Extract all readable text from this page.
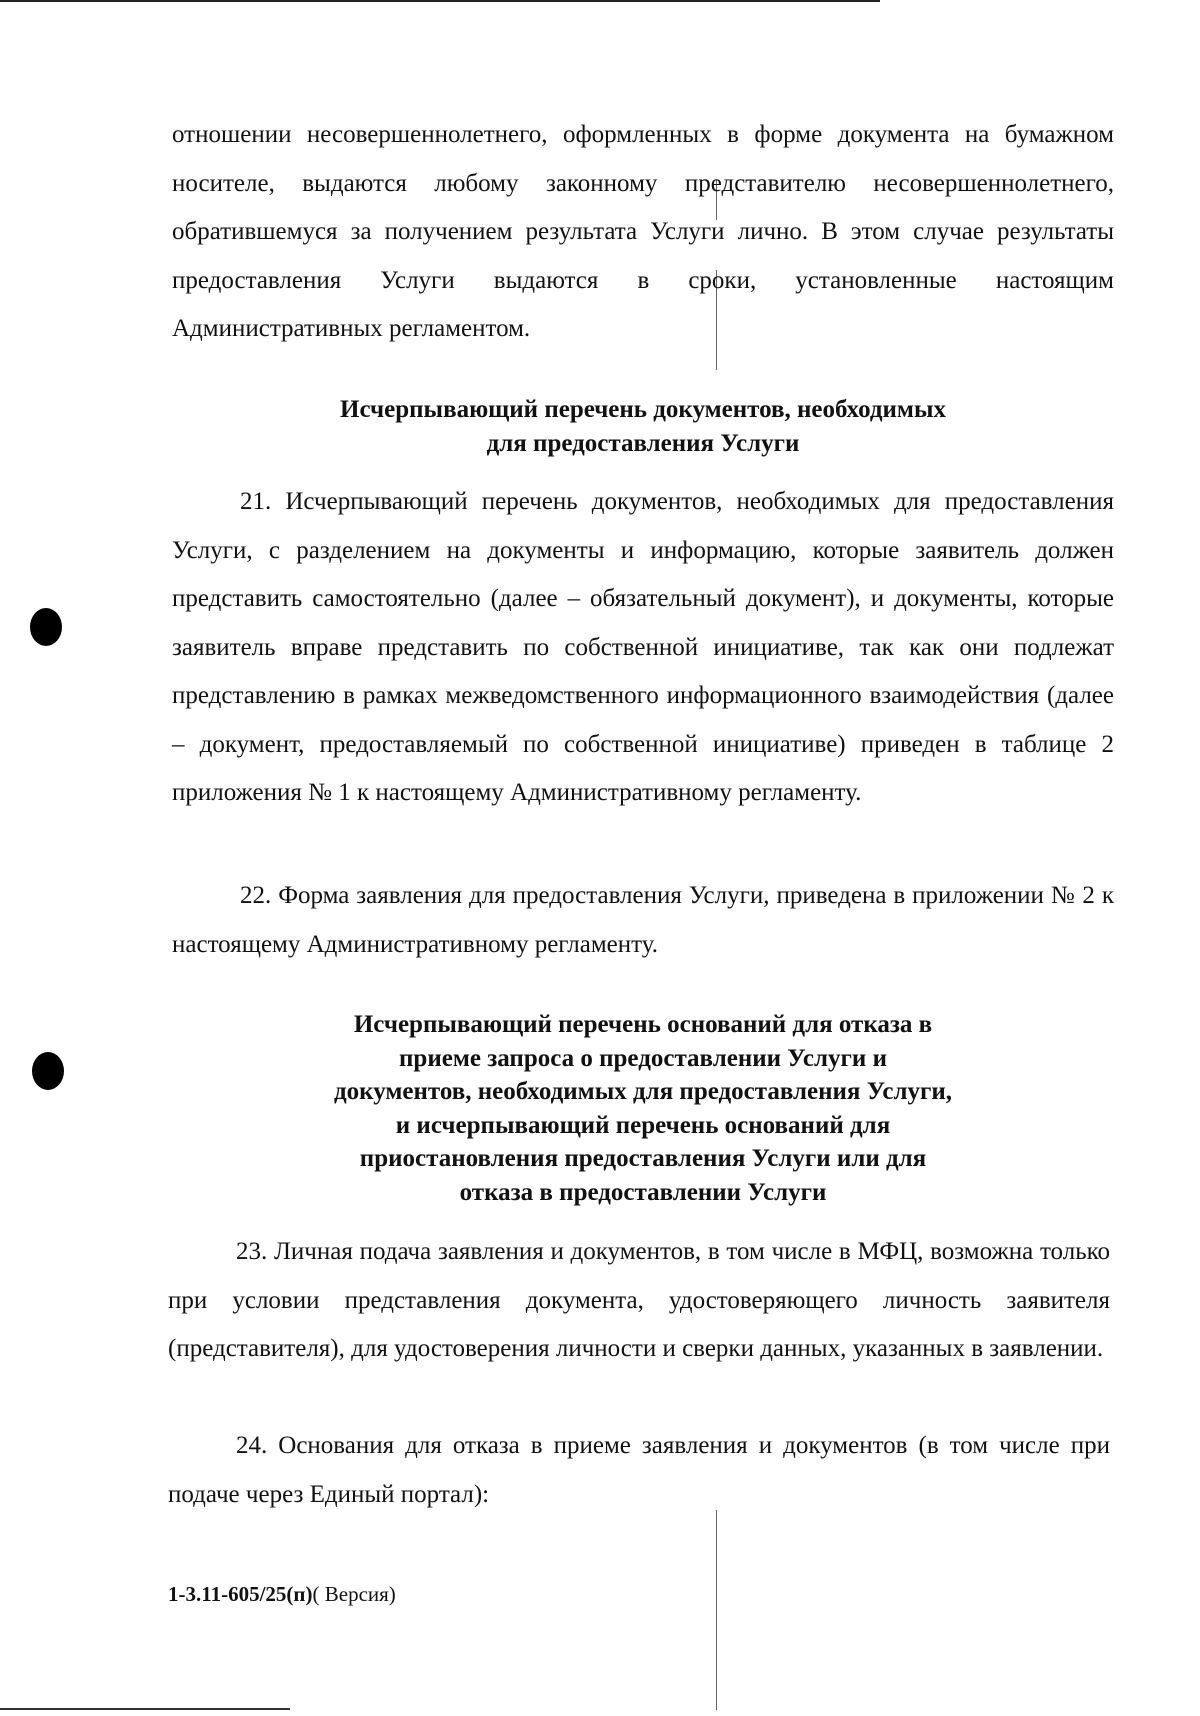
отношении несовершеннолетнего, оформленных в форме документа на бумажном носителе, выдаются любому законному представителю несовершеннолетнего, обратившемуся за получением результата Услуги лично. В этом случае результаты предоставления Услуги выдаются в сроки, установленные настоящим Административных регламентом.

Исчерпывающий перечень документов, необходимых
для предоставления Услуги

21. Исчерпывающий перечень документов, необходимых для предоставления Услуги, с разделением на документы и информацию, которые заявитель должен представить самостоятельно (далее – обязательный документ), и документы, которые заявитель вправе представить по собственной инициативе, так как они подлежат представлению в рамках межведомственного информационного взаимодействия (далее – документ, предоставляемый по собственной инициативе) приведен в таблице 2 приложения № 1 к настоящему Административному регламенту.

22. Форма заявления для предоставления Услуги, приведена в приложении № 2 к настоящему Административному регламенту.

Исчерпывающий перечень оснований для отказа в
приеме запроса о предоставлении Услуги и
документов, необходимых для предоставления Услуги,
и исчерпывающий перечень оснований для
приостановления предоставления Услуги или для
отказа в предоставлении Услуги

23. Личная подача заявления и документов, в том числе в МФЦ, возможна только при условии представления документа, удостоверяющего личность заявителя (представителя), для удостоверения личности и сверки данных, указанных в заявлении.

24. Основания для отказа в приеме заявления и документов (в том числе при подаче через Единый портал):

1-3.11-605/25(п)( Версия)
